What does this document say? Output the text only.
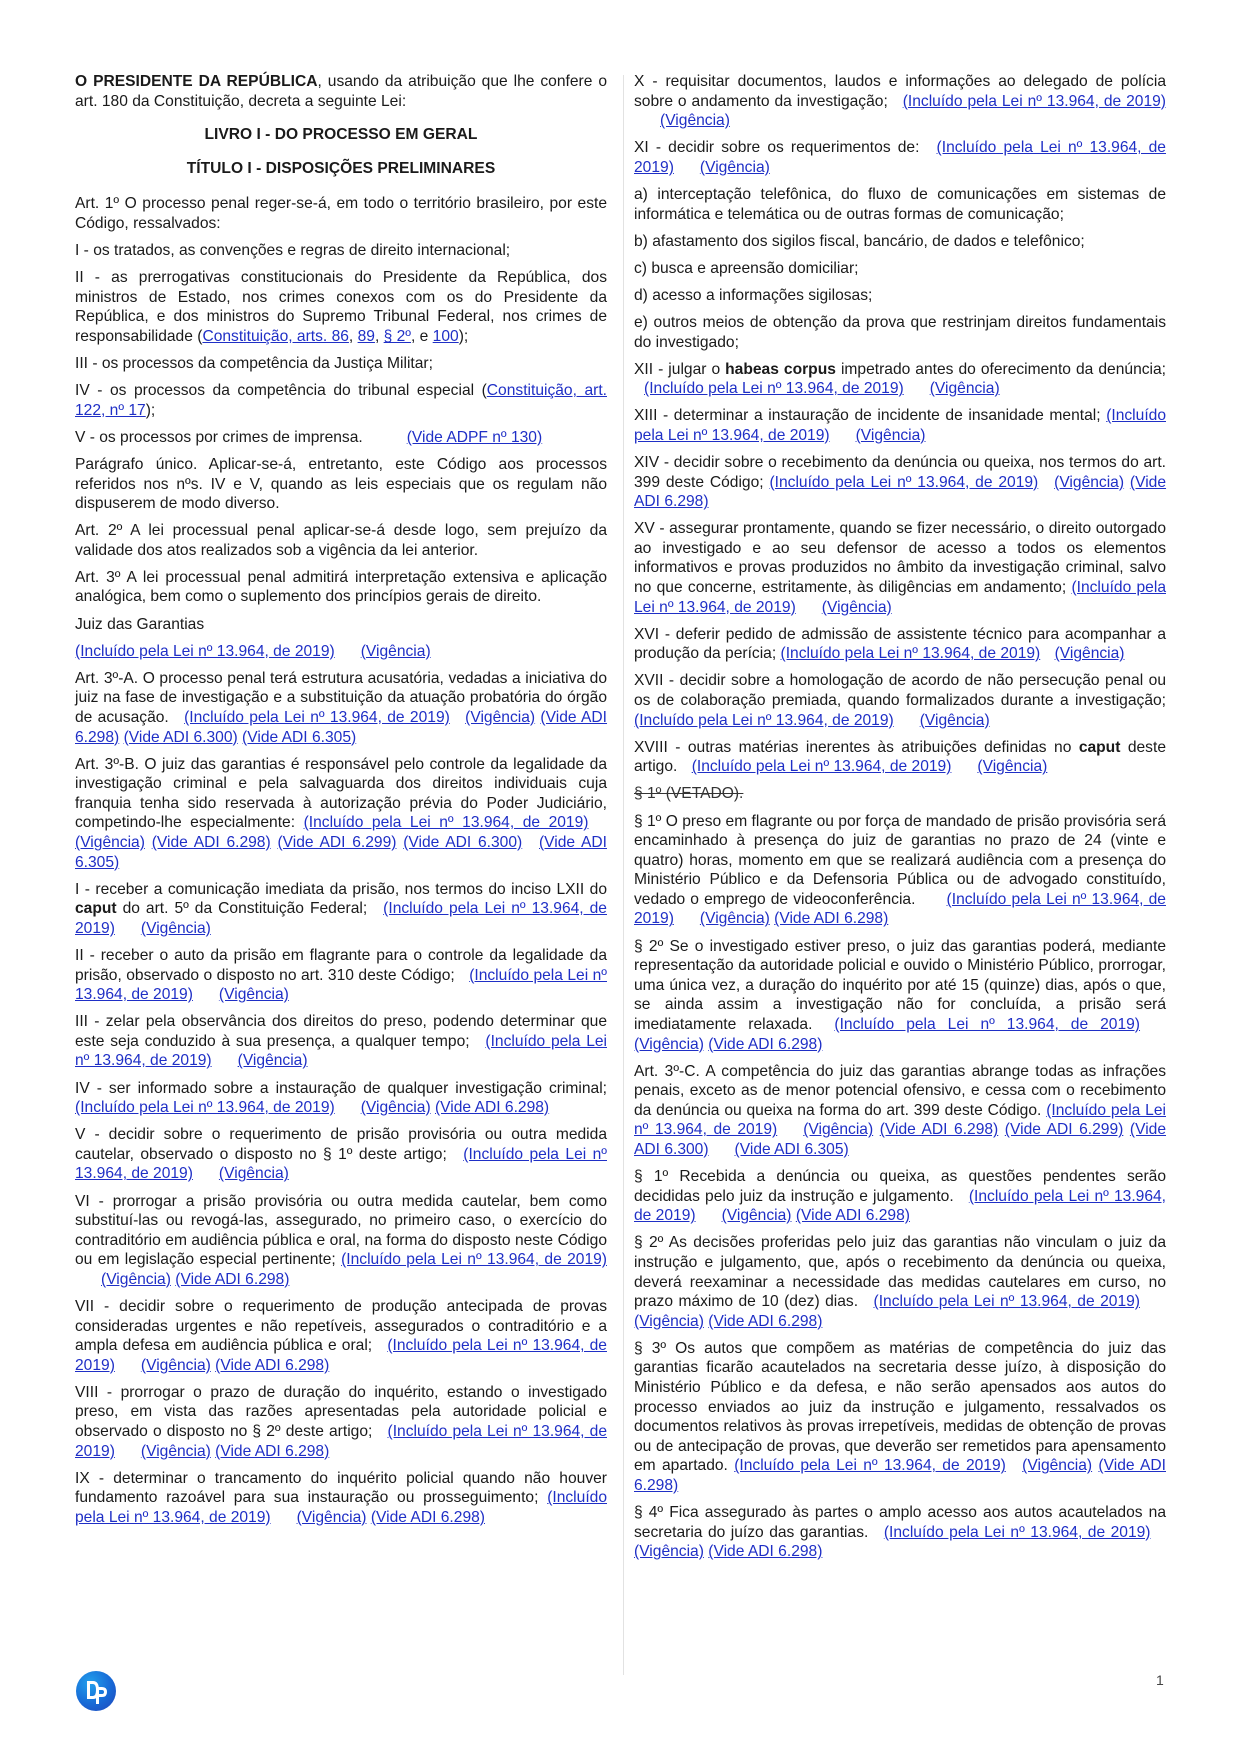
O PRESIDENTE DA REPÚBLICA, usando da atribuição que lhe confere o art. 180 da Constituição, decreta a seguinte Lei:

LIVRO I - DO PROCESSO EM GERAL

TÍTULO I - DISPOSIÇÕES PRELIMINARES

Art. 1º O processo penal reger-se-á, em todo o território brasileiro, por este Código, ressalvados:

I - os tratados, as convenções e regras de direito internacional;

II - as prerrogativas constitucionais do Presidente da República, dos ministros de Estado, nos crimes conexos com os do Presidente da República, e dos ministros do Supremo Tribunal Federal, nos crimes de responsabilidade (Constituição, arts. 86, 89, § 2º, e 100);

III - os processos da competência da Justiça Militar;

IV - os processos da competência do tribunal especial (Constituição, art. 122, nº 17);

V - os processos por crimes de imprensa.	(Vide ADPF nº 130)

Parágrafo único. Aplicar-se-á, entretanto, este Código aos processos referidos nos nºs. IV e V, quando as leis especiais que os regulam não dispuserem de modo diverso.

Art. 2º A lei processual penal aplicar-se-á desde logo, sem prejuízo da validade dos atos realizados sob a vigência da lei anterior.

Art. 3º A lei processual penal admitirá interpretação extensiva e aplicação analógica, bem como o suplemento dos princípios gerais de direito.

Juiz das Garantias

(Incluído pela Lei nº 13.964, de 2019) (Vigência)

Art. 3º-A. O processo penal terá estrutura acusatória, vedadas a iniciativa do juiz na fase de investigação e a substituição da atuação probatória do órgão de acusação. (Incluído pela Lei nº 13.964, de 2019) (Vigência) (Vide ADI 6.298) (Vide ADI 6.300) (Vide ADI 6.305)

Art. 3º-B. O juiz das garantias é responsável pelo controle da legalidade da investigação criminal e pela salvaguarda dos direitos individuais cuja franquia tenha sido reservada à autorização prévia do Poder Judiciário, competindo-lhe especialmente: (Incluído pela Lei nº 13.964, de 2019) (Vigência) (Vide ADI 6.298) (Vide ADI 6.299) (Vide ADI 6.300) (Vide ADI 6.305)

I - receber a comunicação imediata da prisão, nos termos do inciso LXII do caput do art. 5º da Constituição Federal; (Incluído pela Lei nº 13.964, de 2019) (Vigência)

II - receber o auto da prisão em flagrante para o controle da legalidade da prisão, observado o disposto no art. 310 deste Código; (Incluído pela Lei nº 13.964, de 2019) (Vigência)

III - zelar pela observância dos direitos do preso, podendo determinar que este seja conduzido à sua presença, a qualquer tempo; (Incluído pela Lei nº 13.964, de 2019) (Vigência)

IV - ser informado sobre a instauração de qualquer investigação criminal; (Incluído pela Lei nº 13.964, de 2019) (Vigência) (Vide ADI 6.298)

V - decidir sobre o requerimento de prisão provisória ou outra medida cautelar, observado o disposto no § 1º deste artigo; (Incluído pela Lei nº 13.964, de 2019) (Vigência)

VI - prorrogar a prisão provisória ou outra medida cautelar, bem como substituí-las ou revogá-las, assegurado, no primeiro caso, o exercício do contraditório em audiência pública e oral, na forma do disposto neste Código ou em legislação especial pertinente; (Incluído pela Lei nº 13.964, de 2019)(Vigência) (Vide ADI 6.298)

VII - decidir sobre o requerimento de produção antecipada de provas consideradas urgentes e não repetíveis, assegurados o contraditório e a ampla defesa em audiência pública e oral; (Incluído pela Lei nº 13.964, de 2019) (Vigência) (Vide ADI 6.298)

VIII - prorrogar o prazo de duração do inquérito, estando o investigado preso, em vista das razões apresentadas pela autoridade policial e observado o disposto no § 2º deste artigo; (Incluído pela Lei nº 13.964, de 2019) (Vigência) (Vide ADI 6.298)

IX - determinar o trancamento do inquérito policial quando não houver fundamento razoável para sua instauração ou prosseguimento; (Incluído pela Lei nº 13.964, de 2019) (Vigência) (Vide ADI 6.298)

X - requisitar documentos, laudos e informações ao delegado de polícia sobre o andamento da investigação; (Incluído pela Lei nº 13.964, de 2019)(Vigência)

XI - decidir sobre os requerimentos de: (Incluído pela Lei nº 13.964, de 2019) (Vigência)

a) interceptação telefônica, do fluxo de comunicações em sistemas de informática e telemática ou de outras formas de comunicação;

b) afastamento dos sigilos fiscal, bancário, de dados e telefônico;

c) busca e apreensão domiciliar;

d) acesso a informações sigilosas;

e) outros meios de obtenção da prova que restrinjam direitos fundamentais do investigado;

XII - julgar o habeas corpus impetrado antes do oferecimento da denúncia; (Incluído pela Lei nº 13.964, de 2019) (Vigência)

XIII - determinar a instauração de incidente de insanidade mental; (Incluído pela Lei nº 13.964, de 2019) (Vigência)

XIV - decidir sobre o recebimento da denúncia ou queixa, nos termos do art. 399 deste Código; (Incluído pela Lei nº 13.964, de 2019) (Vigência) (Vide ADI 6.298)

XV - assegurar prontamente, quando se fizer necessário, o direito outorgado ao investigado e ao seu defensor de acesso a todos os elementos informativos e provas produzidos no âmbito da investigação criminal, salvo no que concerne, estritamente, às diligências em andamento; (Incluído pela Lei nº 13.964, de 2019) (Vigência)

XVI - deferir pedido de admissão de assistente técnico para acompanhar a produção da perícia; (Incluído pela Lei nº 13.964, de 2019) (Vigência)

XVII - decidir sobre a homologação de acordo de não persecução penal ou os de colaboração premiada, quando formalizados durante a investigação; (Incluído pela Lei nº 13.964, de 2019) (Vigência)

XVIII - outras matérias inerentes às atribuições definidas no caput deste artigo. (Incluído pela Lei nº 13.964, de 2019) (Vigência)

§ 1º (VETADO).

§ 1º O preso em flagrante ou por força de mandado de prisão provisória será encaminhado à presença do juiz de garantias no prazo de 24 (vinte e quatro) horas, momento em que se realizará audiência com a presença do Ministério Público e da Defensoria Pública ou de advogado constituído, vedado o emprego de videoconferência. (Incluído pela Lei nº 13.964, de 2019) (Vigência) (Vide ADI 6.298)

§ 2º Se o investigado estiver preso, o juiz das garantias poderá, mediante representação da autoridade policial e ouvido o Ministério Público, prorrogar, uma única vez, a duração do inquérito por até 15 (quinze) dias, após o que, se ainda assim a investigação não for concluída, a prisão será imediatamente relaxada. (Incluído pela Lei nº 13.964, de 2019)(Vigência) (Vide ADI 6.298)

Art. 3º-C. A competência do juiz das garantias abrange todas as infrações penais, exceto as de menor potencial ofensivo, e cessa com o recebimento da denúncia ou queixa na forma do art. 399 deste Código. (Incluído pela Lei nº 13.964, de 2019) (Vigência) (Vide ADI 6.298) (Vide ADI 6.299) (Vide ADI 6.300) (Vide ADI 6.305)

§ 1º Recebida a denúncia ou queixa, as questões pendentes serão decididas pelo juiz da instrução e julgamento. (Incluído pela Lei nº 13.964, de 2019) (Vigência) (Vide ADI 6.298)

§ 2º As decisões proferidas pelo juiz das garantias não vinculam o juiz da instrução e julgamento, que, após o recebimento da denúncia ou queixa, deverá reexaminar a necessidade das medidas cautelares em curso, no prazo máximo de 10 (dez) dias. (Incluído pela Lei nº 13.964, de 2019)(Vigência) (Vide ADI 6.298)

§ 3º Os autos que compõem as matérias de competência do juiz das garantias ficarão acautelados na secretaria desse juízo, à disposição do Ministério Público e da defesa, e não serão apensados aos autos do processo enviados ao juiz da instrução e julgamento, ressalvados os documentos relativos às provas irrepetíveis, medidas de obtenção de provas ou de antecipação de provas, que deverão ser remetidos para apensamento em apartado. (Incluído pela Lei nº 13.964, de 2019) (Vigência) (Vide ADI 6.298)

§ 4º Fica assegurado às partes o amplo acesso aos autos acautelados na secretaria do juízo das garantias. (Incluído pela Lei nº 13.964, de 2019) (Vigência) (Vide ADI 6.298)

1
